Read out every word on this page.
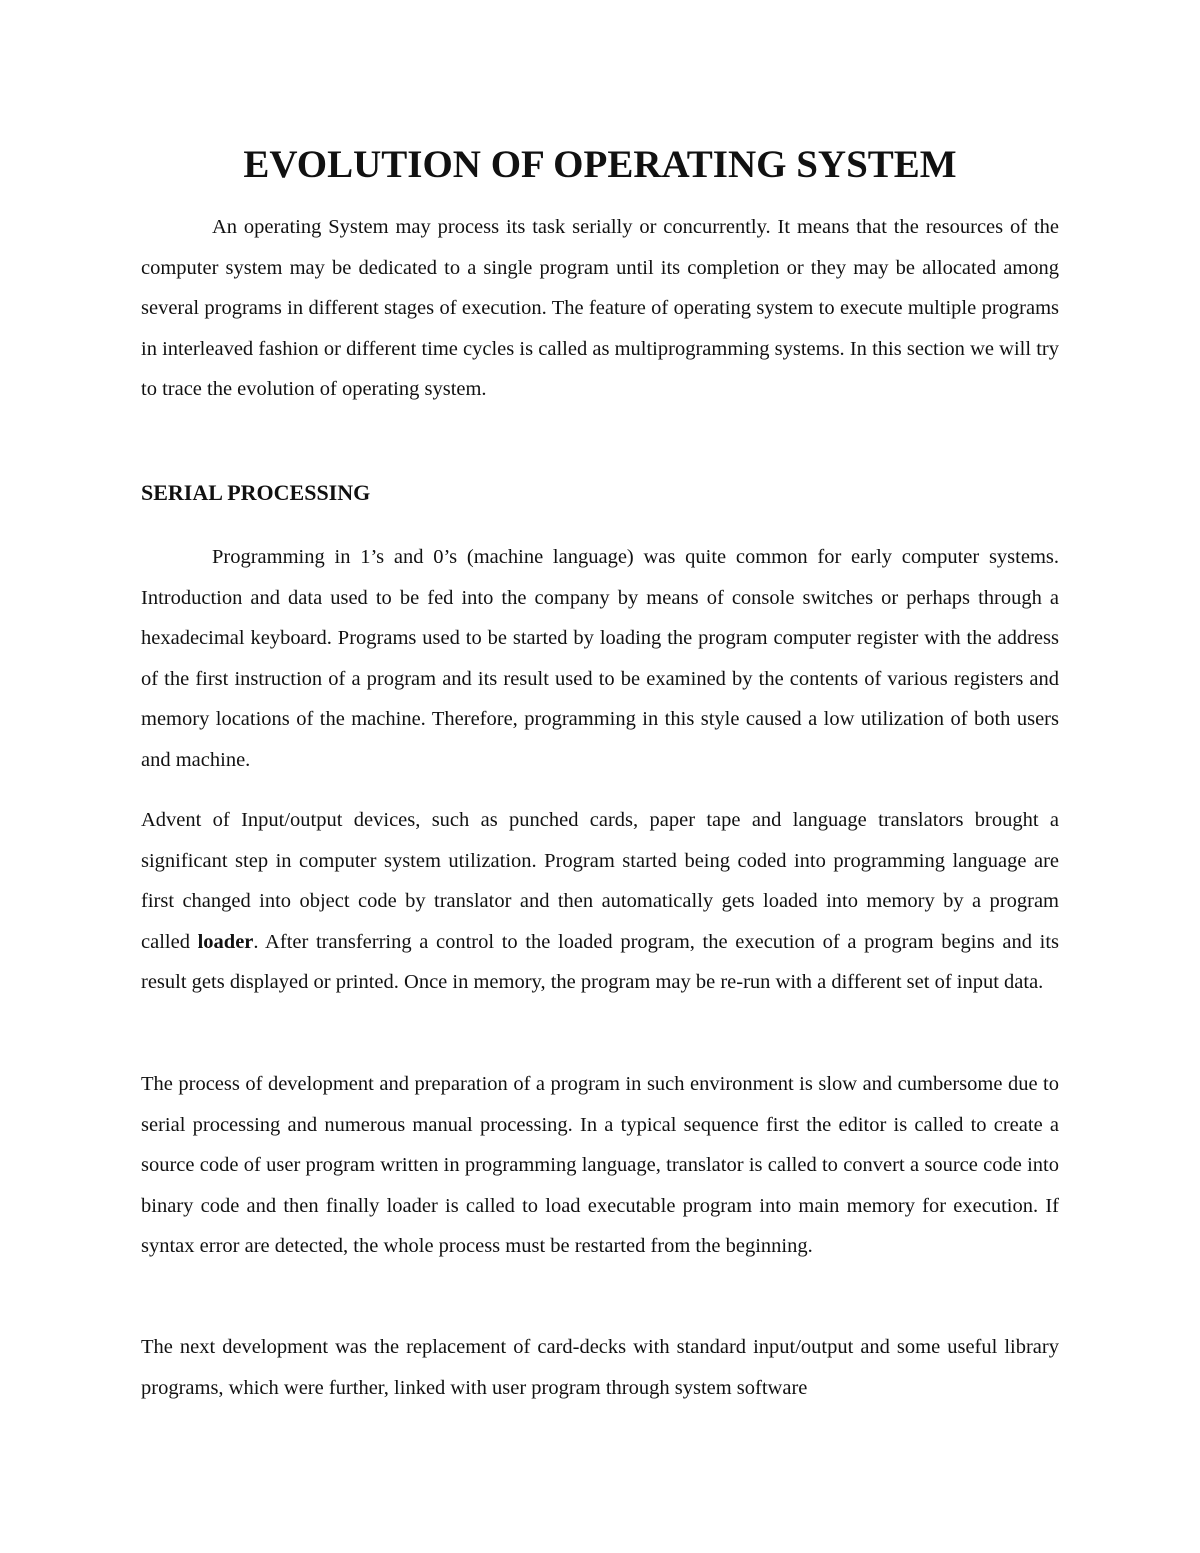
EVOLUTION OF OPERATING SYSTEM

An operating System may process its task serially or concurrently. It means that the resources of the computer system may be dedicated to a single program until its completion or they may be allocated among several programs in different stages of execution. The feature of operating system to execute multiple programs in interleaved fashion or different time cycles is called as multiprogramming systems. In this section we will try to trace the evolution of operating system.

SERIAL PROCESSING

Programming in 1’s and 0’s (machine language) was quite common for early computer systems. Introduction and data used to be fed into the company by means of console switches or perhaps through a hexadecimal keyboard. Programs used to be started by loading the program computer register with the address of the first instruction of a program and its result used to be examined by the contents of various registers and memory locations of the machine. Therefore, programming in this style caused a low utilization of both users and machine.

Advent of Input/output devices, such as punched cards, paper tape and language translators brought a significant step in computer system utilization. Program started being coded into programming language are first changed into object code by translator and then automatically gets loaded into memory by a program called loader. After transferring a control to the loaded program, the execution of a program begins and its result gets displayed or printed. Once in memory, the program may be re-run with a different set of input data.

The process of development and preparation of a program in such environment is slow and cumbersome due to serial processing and numerous manual processing. In a typical sequence first the editor is called to create a source code of user program written in programming language, translator is called to convert a source code into binary code and then finally loader is called to load executable program into main memory for execution. If syntax error are detected, the whole process must be restarted from the beginning.

The next development was the replacement of card-decks with standard input/output and some useful library programs, which were further, linked with user program through system software
